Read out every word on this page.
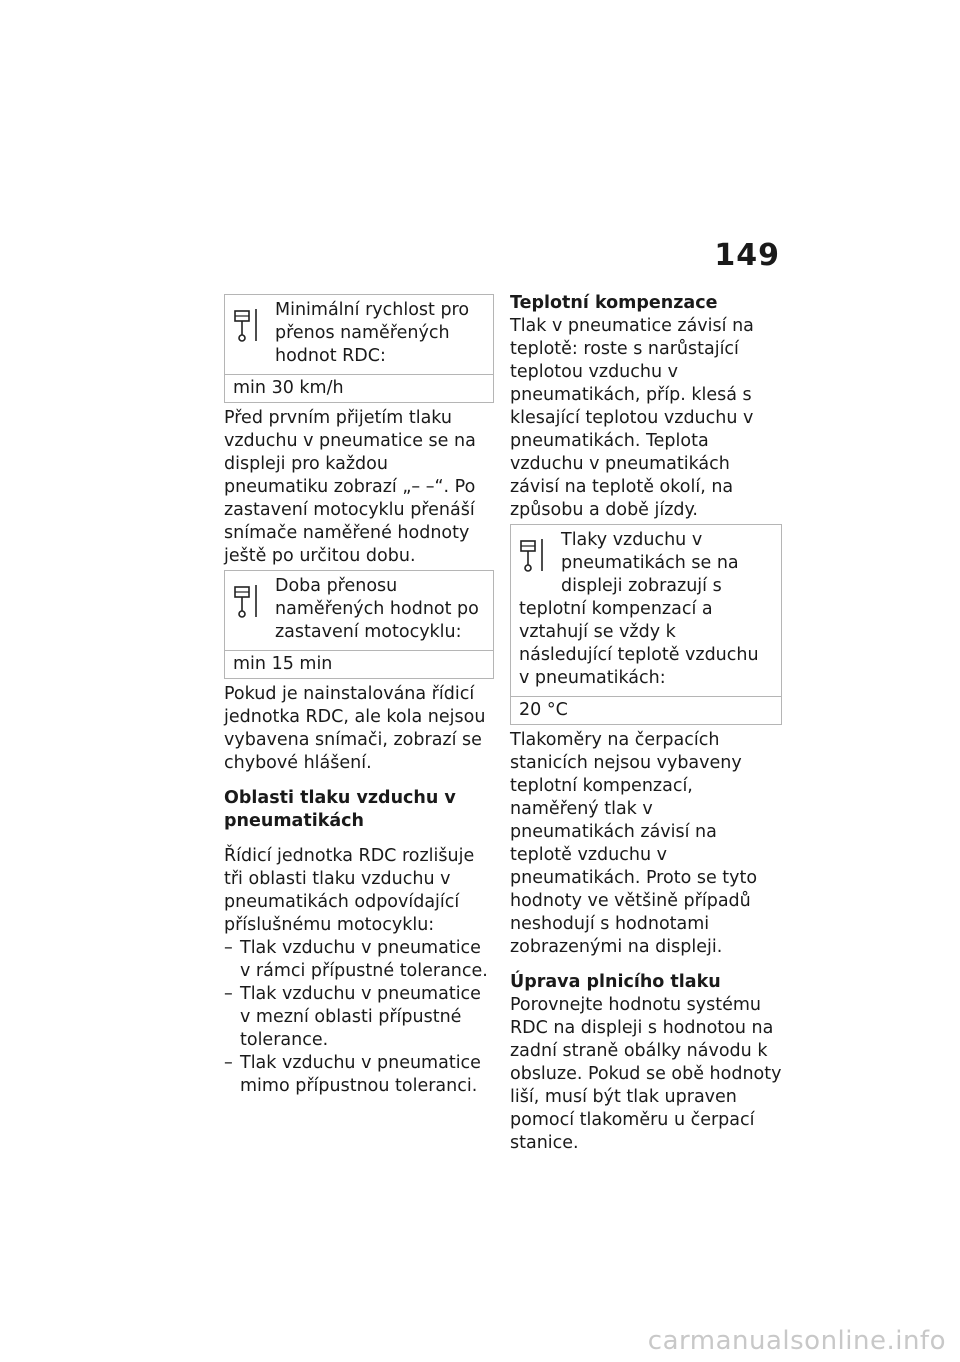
149
Minimální rychlost pro přenos naměřených hodnot RDC:
min 30 km/h

Před prvním přijetím tlaku vzduchu v pneumatice se na displeji pro každou pneumatiku zobrazí „– –“. Po zastavení motocyklu přenáší snímače naměřené hodnoty ještě po určitou dobu.

Doba přenosu naměřených hodnot po zastavení motocyklu:
min 15 min

Pokud je nainstalována řídicí jednotka RDC, ale kola nejsou vybavena snímači, zobrazí se chybové hlášení.

Oblasti tlaku vzduchu v pneumatikách

Řídicí jednotka RDC rozlišuje tři oblasti tlaku vzduchu v pneumatikách odpovídající příslušnému motocyklu:

– Tlak vzduchu v pneumatice v rámci přípustné tolerance.
– Tlak vzduchu v pneumatice v mezní oblasti přípustné tolerance.
– Tlak vzduchu v pneumatice mimo přípustnou toleranci.

Teplotní kompenzace

Tlak v pneumatice závisí na teplotě: roste s narůstající teplotou vzduchu v pneumatikách, příp. klesá s klesající teplotou vzduchu v pneumatikách. Teplota vzduchu v pneumatikách závisí na teplotě okolí, na způsobu a době jízdy.

Tlaky vzduchu v pneumatikách se na displeji zobrazují s teplotní kompenzací a vztahují se vždy k následující teplotě vzduchu v pneumatikách:
20 °C

Tlakoměry na čerpacích stanicích nejsou vybaveny teplotní kompenzací, naměřený tlak v pneumatikách závisí na teplotě vzduchu v pneumatikách. Proto se tyto hodnoty ve většině případů neshodují s hodnotami zobrazenými na displeji.

Úprava plnicího tlaku

Porovnejte hodnotu systému RDC na displeji s hodnotou na zadní straně obálky návodu k obsluze. Pokud se obě hodnoty liší, musí být tlak upraven pomocí tlakoměru u čerpací stanice.

carmanualsonline.info
